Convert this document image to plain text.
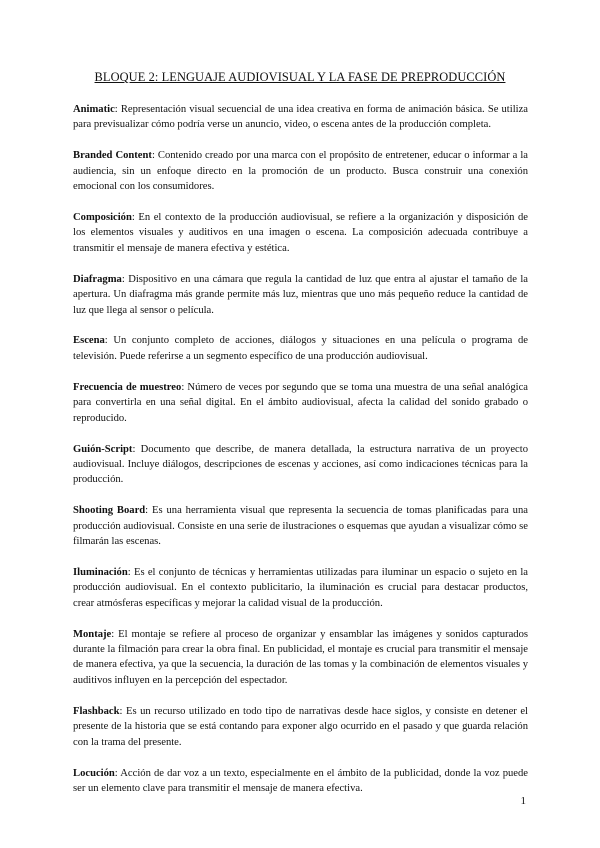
BLOQUE 2: LENGUAJE AUDIOVISUAL Y LA FASE DE PREPRODUCCIÓN

Animatic: Representación visual secuencial de una idea creativa en forma de animación básica. Se utiliza para previsualizar cómo podría verse un anuncio, video, o escena antes de la producción completa.

Branded Content: Contenido creado por una marca con el propósito de entretener, educar o informar a la audiencia, sin un enfoque directo en la promoción de un producto. Busca construir una conexión emocional con los consumidores.

Composición: En el contexto de la producción audiovisual, se refiere a la organización y disposición de los elementos visuales y auditivos en una imagen o escena. La composición adecuada contribuye a transmitir el mensaje de manera efectiva y estética.

Diafragma: Dispositivo en una cámara que regula la cantidad de luz que entra al ajustar el tamaño de la apertura. Un diafragma más grande permite más luz, mientras que uno más pequeño reduce la cantidad de luz que llega al sensor o película.

Escena: Un conjunto completo de acciones, diálogos y situaciones en una película o programa de televisión. Puede referirse a un segmento específico de una producción audiovisual.

Frecuencia de muestreo: Número de veces por segundo que se toma una muestra de una señal analógica para convertirla en una señal digital. En el ámbito audiovisual, afecta la calidad del sonido grabado o reproducido.

Guión-Script: Documento que describe, de manera detallada, la estructura narrativa de un proyecto audiovisual. Incluye diálogos, descripciones de escenas y acciones, así como indicaciones técnicas para la producción.

Shooting Board: Es una herramienta visual que representa la secuencia de tomas planificadas para una producción audiovisual. Consiste en una serie de ilustraciones o esquemas que ayudan a visualizar cómo se filmarán las escenas.

Iluminación: Es el conjunto de técnicas y herramientas utilizadas para iluminar un espacio o sujeto en la producción audiovisual. En el contexto publicitario, la iluminación es crucial para destacar productos, crear atmósferas específicas y mejorar la calidad visual de la producción.

Montaje: El montaje se refiere al proceso de organizar y ensamblar las imágenes y sonidos capturados durante la filmación para crear la obra final. En publicidad, el montaje es crucial para transmitir el mensaje de manera efectiva, ya que la secuencia, la duración de las tomas y la combinación de elementos visuales y auditivos influyen en la percepción del espectador.

Flashback: Es un recurso utilizado en todo tipo de narrativas desde hace siglos, y consiste en detener el presente de la historia que se está contando para exponer algo ocurrido en el pasado y que guarda relación con la trama del presente.

Locución: Acción de dar voz a un texto, especialmente en el ámbito de la publicidad, donde la voz puede ser un elemento clave para transmitir el mensaje de manera efectiva.

1
